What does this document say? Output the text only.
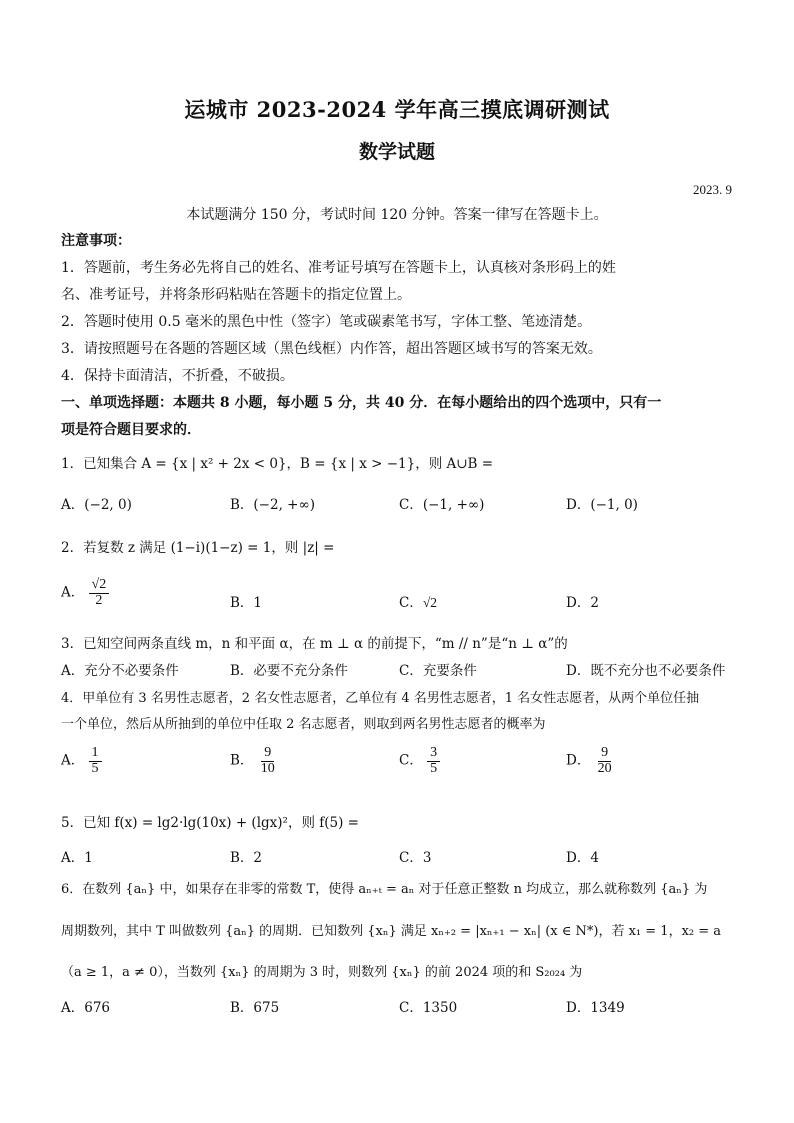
运城市 2023-2024 学年高三摸底调研测试
数学试题
2023. 9
本试题满分 150 分，考试时间 120 分钟。答案一律写在答题卡上。
注意事项：
1．答题前，考生务必先将自己的姓名、准考证号填写在答题卡上，认真核对条形码上的姓
名、准考证号，并将条形码粘贴在答题卡的指定位置上。
2．答题时使用 0.5 毫米的黑色中性（签字）笔或碳素笔书写，字体工整、笔迹清楚。
3．请按照题号在各题的答题区域（黑色线框）内作答，超出答题区域书写的答案无效。
4．保持卡面清洁，不折叠，不破损。
一、单项选择题：本题共 8 小题，每小题 5 分，共 40 分．在每小题给出的四个选项中，只有一
项是符合题目要求的．
1．已知集合 A = {x | x² + 2x < 0}，B = {x | x > −1}，则 A∪B =
A．(−2, 0)	B．(−2, +∞)	C．(−1, +∞)	D．(−1, 0)
2．若复数 z 满足 (1−i)(1−z) = 1，则 |z| =
A． $\frac{√2}{2}$	B．1	C．√2	D．2
3．已知空间两条直线 m，n 和平面 α，在 m ⊥ α 的前提下，“m // n”是“n ⊥ α”的
A．充分不必要条件	B．必要不充分条件	C．充要条件	D．既不充分也不必要条件
4．甲单位有 3 名男性志愿者，2 名女性志愿者，乙单位有 4 名男性志愿者，1 名女性志愿者，从两个单位任抽
一个单位，然后从所抽到的单位中任取 2 名志愿者，则取到两名男性志愿者的概率为
A． $\frac{1}{5}$	B． $\frac{9}{10}$	C． $\frac{3}{5}$	D． $\frac{9}{20}$
5．已知 f(x) = lg2·lg(10x) + (lgx)²，则 f(5) =
A．1	B．2	C．3	D．4
6．在数列 {aₙ} 中，如果存在非零的常数 T，使得 aₙ₊ₜ = aₙ 对于任意正整数 n 均成立，那么就称数列 {aₙ} 为
周期数列，其中 T 叫做数列 {aₙ} 的周期．已知数列 {xₙ} 满足 xₙ₊₂ = |xₙ₊₁ − xₙ| (x ∈ N*)，若 x₁ = 1，x₂ = a
（a ≥ 1，a ≠ 0），当数列 {xₙ} 的周期为 3 时，则数列 {xₙ} 的前 2024 项的和 S₂₀₂₄ 为
A．676	B．675	C．1350	D．1349
